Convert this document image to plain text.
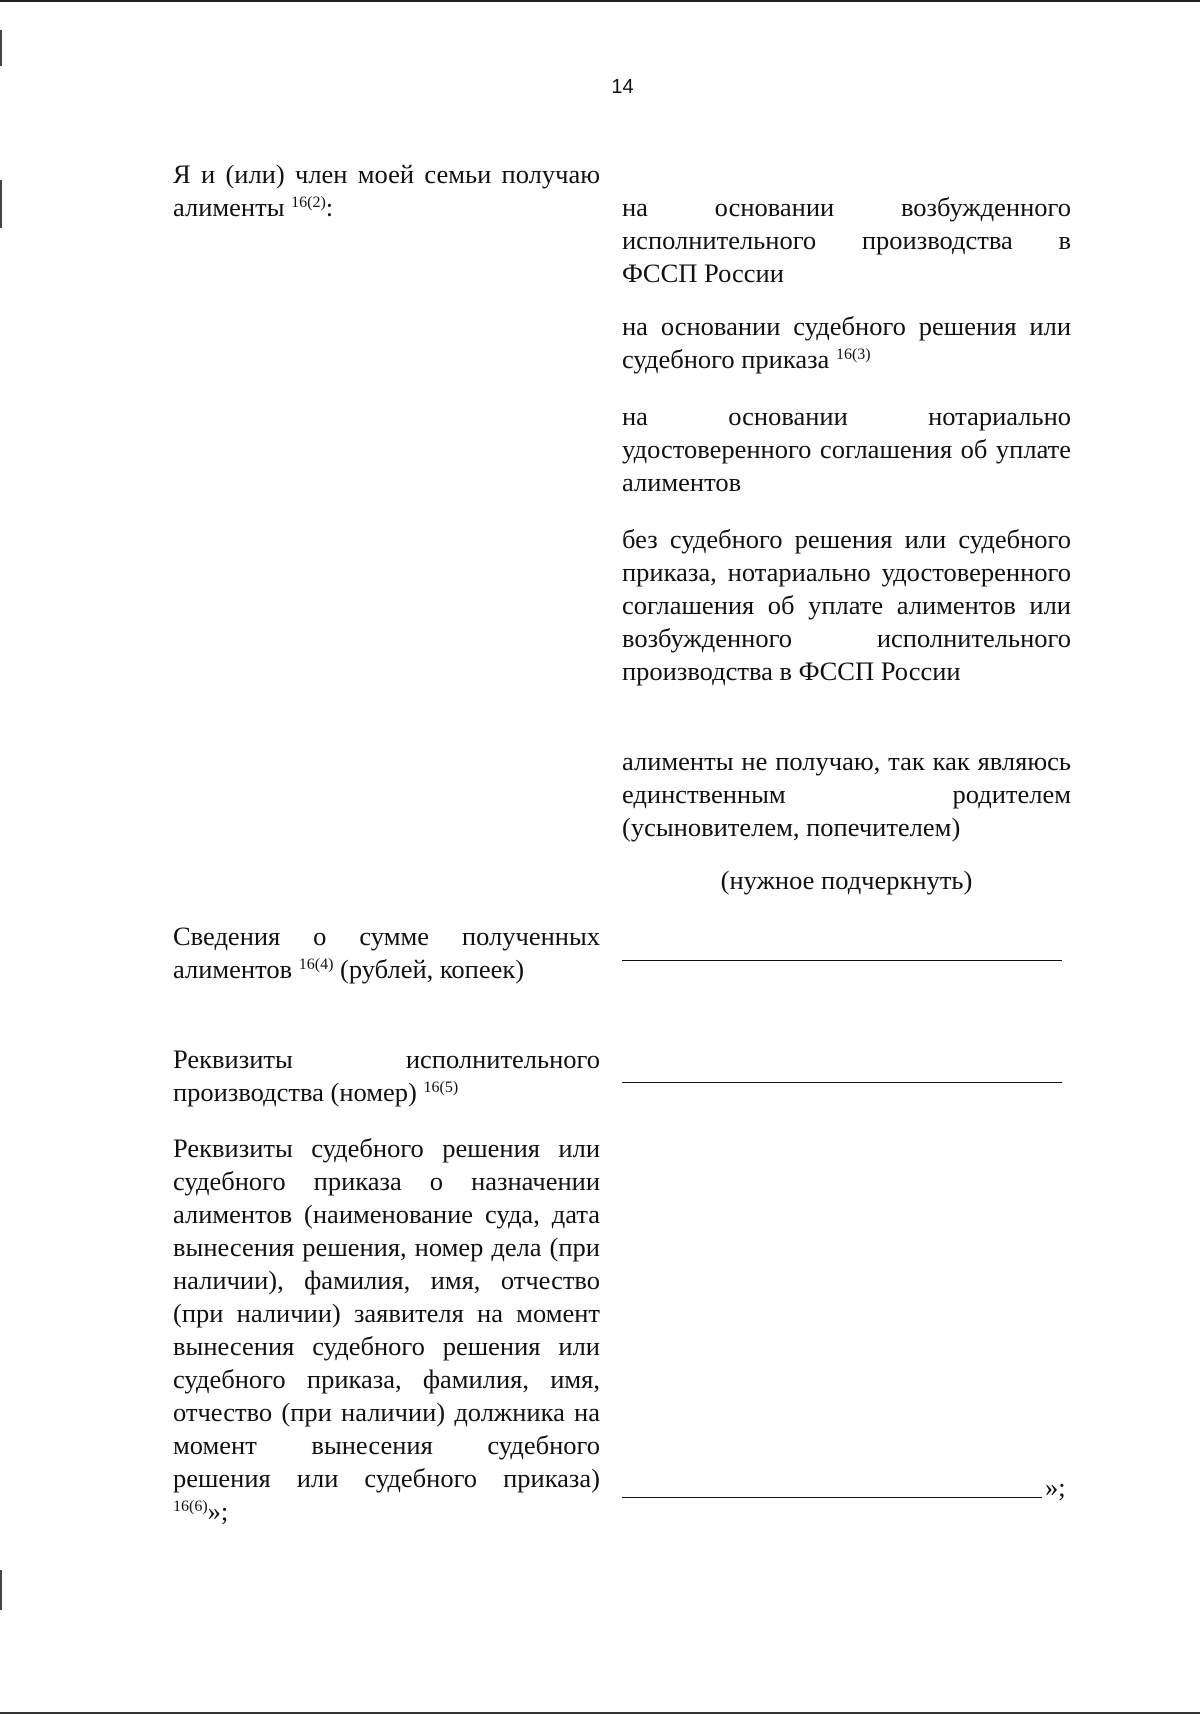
14
Я и (или) член моей семьи получаю алименты $^{16(2)}$:	на основании возбужденного исполнительного производства в ФССП России
на основании судебного решения или судебного приказа $^{16(3)}$
на основании нотариально удостоверенного соглашения об уплате алиментов
без судебного решения или судебного приказа, нотариально удостоверенного соглашения об уплате алиментов или возбужденного исполнительного производства в ФССП России
алименты не получаю, так как являюсь единственным родителем (усыновителем, попечителем)
(нужное подчеркнуть)
Сведения о сумме полученных алиментов $^{16(4)}$ (рублей, копеек)
Реквизиты исполнительного производства (номер) $^{16(5)}$
Реквизиты судебного решения или судебного приказа о назначении алиментов (наименование суда, дата вынесения решения, номер дела (при наличии), фамилия, имя, отчество (при наличии) заявителя на момент вынесения судебного решения или судебного приказа, фамилия, имя, отчество (при наличии) должника на момент вынесения судебного решения или судебного приказа) $^{16(6)}$»;
»;
